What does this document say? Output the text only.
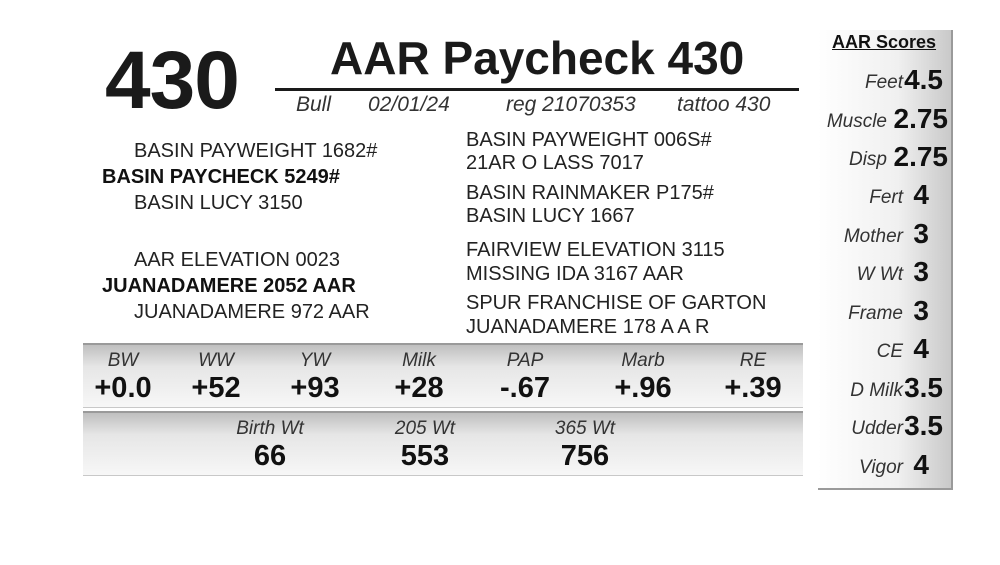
430 AAR Paycheck 430
Bull 02/01/24	reg 21070353 tattoo 430
BASIN PAYWEIGHT 1682#
BASIN PAYCHECK 5249#
BASIN LUCY 3150
BASIN PAYWEIGHT 006S#
21AR O LASS 7017
BASIN RAINMAKER P175#
BASIN LUCY 1667
AAR ELEVATION 0023
JUANADAMERE 2052 AAR
JUANADAMERE 972 AAR
FAIRVIEW ELEVATION 3115
MISSING IDA 3167 AAR
SPUR FRANCHISE OF GARTON
JUANADAMERE 178 A A R
BW
+0.0
WW
+52
YW
+93
Milk
+28
PAP
-.67
Marb
+.96
RE
+.39
Birth Wt
66
205 Wt
553
365 Wt
756
AAR Scores
Feet 4.5
Muscle 2.75
Disp 2.75
Fert 4
Mother 3
W Wt 3
Frame 3
CE 4
D Milk 3.5
Udder 3.5
Vigor 4
